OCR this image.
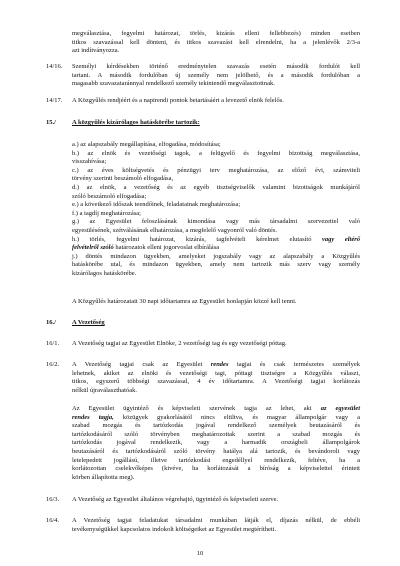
megválasztása, fegyelmi határozat, törlés, kizárás elleni fellebbezés) minden esetben
titkos szavazással kell dönteni, és titkos szavazást kell elrendelni, ha a jelenlévők 2/3-a
azt indítványozza.
14/16.	Személyi kérdésekben történő eredménytelen szavazás esetén második fordulót kell
tartani. A második fordulóban új személy nem jelölhető, és a második fordulóban a
magasabb szavazataránnyal rendelkező személy tekintendő megválasztottnak.
14/17.	A Közgyűlés rendjéért és a napirendi pontok betartásáért a levezető elnök felelős.
15./	A közgyűlés kizárólagos hatáskörébe tartozik:
a.) az alapszabály megállapítása, elfogadása, módosítása;
b.) az elnök és vezetőségi tagok, a felügyelő és fegyelmi bizottság megválasztása,
visszahívása;
c.) az éves költségvetés és pénzügyi terv meghatározása, az előző évi, számviteli
törvény szerinti beszámoló elfogadása,
d.) az elnök, a vezetőség és az egyéb tisztségviselők valamint bizottságok munkájáról
szóló beszámoló elfogadása;
e.) a következő időszak teendőinek, feladatainak meghatározása;
f.) a tagdíj meghatározása;
g.) az Egyesület feloszlásának kimondása vagy más társadalmi szervezettel való
egyesülésének, szétválásának elhatározása, a megfelelő vagyonról való döntés.
h.) törlés, fegyelmi határozat, kizárás, tagfelvételi kérelmet elutasító vagy eltérő
felvételről szóló határozatok elleni jogorvoslat elbírálása
j.) döntés mindazon ügyekben, amelyeket jogszabály vagy az alapszabály a Közgyűlés
hatáskörébe utal, és mindazon ügyekben, amely nem tartozik más szerv vagy személy
kizárólagos hatáskörébe.
A Közgyűlés határozatait 30 napi időtartamra az Egyesület honlapján közzé kell tenni.
16./	A Vezetőség
16/1.	A Vezetőség tagjai az Egyesület Elnöke, 2 vezetőségi tag és egy vezetőségi póttag.
16/2.	A Vezetőség tagjai csak az Egyesület rendes tagjai és csak természetes személyek
lehetnek, akiket az elnöki és vezetőségi tagi, póttagi tisztségre a Közgyűlés választ,
titkos, egyszerű többségi szavazással, 4 év időtartamra. A Vezetőségi tagjai korlátozás
nélkül újraválaszthatóak.
Az Egyesület ügyintéző és képviseleti szervének tagja az lehet, aki az egyesület
rendes tagja, közügyek gyakorlásától nincs eltiltva, és magyar állampolgár vagy a
szabad mozgás és tartózkodás jogával rendelkező személyek beutazásáról és
tartózkodásáról szóló törvényben meghatározottak szerint a szabad mozgás és
tartózkodás jogával rendelkezik, vagy a harmadik országbeli állampolgárok
beutazásáról és tartózkodásáról szóló törvény hatálya alá tartozik, és bevándorolt vagy
letelepedett jogállású, illetve tartózkodási engedéllyel rendelkezik, feltéve, ha a
korlátozottan cselekvőképes (kivéve, ha korlátozását a bíróság a képviselettel érintett
körben állapította meg).
16/3.	A Vezetőség az Egyesület általános végrehajtó, ügyintéző és képviseleti szerve.
16/4.	A Vezetőség tagjai feladatukat társadalmi munkában látják el, díjazás nélkül, de ebbéli
tevékenységükkel kapcsolatos indokolt költségeiket az Egyesület megtérítheti.
10
